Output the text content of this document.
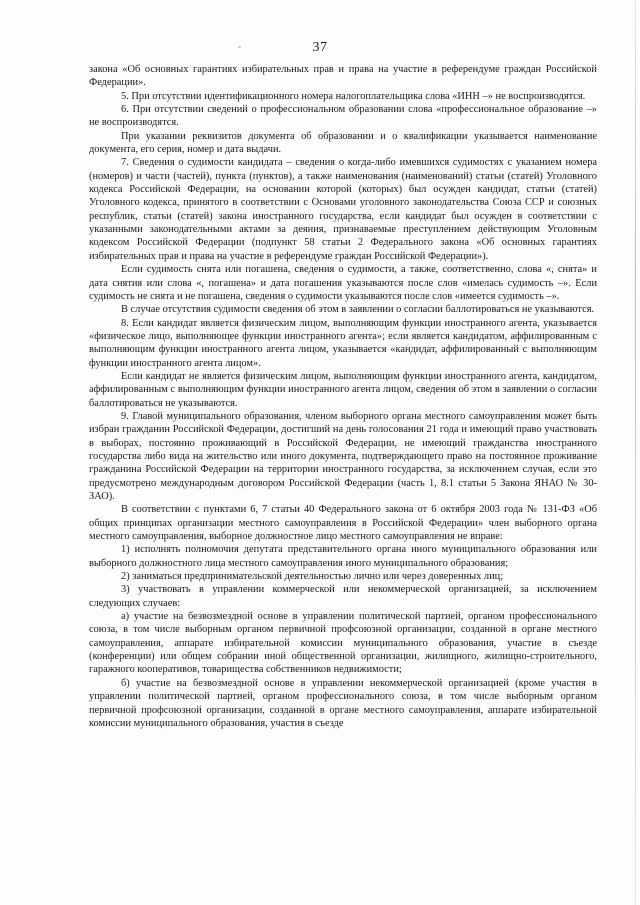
37

закона «Об основных гарантиях избирательных прав и права на участие в референдуме граждан Российской Федерации».

5. При отсутствии идентификационного номера налогоплательщика слова «ИНН –» не воспроизводятся.

6. При отсутствии сведений о профессиональном образовании слова «профессиональное образование –» не воспроизводятся.

При указании реквизитов документа об образовании и о квалификации указывается наименование документа, его серия, номер и дата выдачи.

7. Сведения о судимости кандидата – сведения о когда-либо имевшихся судимостях с указанием номера (номеров) и части (частей), пункта (пунктов), а также наименования (наименований) статьи (статей) Уголовного кодекса Российской Федерации, на основании которой (которых) был осужден кандидат, статьи (статей) Уголовного кодекса, принятого в соответствии с Основами уголовного законодательства Союза ССР и союзных республик, статьи (статей) закона иностранного государства, если кандидат был осужден в соответствии с указанными законодательными актами за деяния, признаваемые преступлением действующим Уголовным кодексом Российской Федерации (подпункт 58 статьи 2 Федерального закона «Об основных гарантиях избирательных прав и права на участие в референдуме граждан Российской Федерации»).

Если судимость снята или погашена, сведения о судимости, а также, соответственно, слова «, снята» и дата снятия или слова «, погашена» и дата погашения указываются после слов «имелась судимость –». Если судимость не снята и не погашена, сведения о судимости указываются после слов «имеется судимость –».

В случае отсутствия судимости сведения об этом в заявлении о согласии баллотироваться не указываются.

8. Если кандидат является физическим лицом, выполняющим функции иностранного агента, указывается «физическое лицо, выполняющее функции иностранного агента»; если является кандидатом, аффилированным с выполняющим функции иностранного агента лицом, указывается «кандидат, аффилированный с выполняющим функции иностранного агента лицом».

Если кандидат не является физическим лицом, выполняющим функции иностранного агента, кандидатом, аффилированным с выполняющим функции иностранного агента лицом, сведения об этом в заявлении о согласии баллотироваться не указываются.

9. Главой муниципального образования, членом выборного органа местного самоуправления может быть избран гражданин Российской Федерации, достигший на день голосования 21 года и имеющий право участвовать в выборах, постоянно проживающий в Российской Федерации, не имеющий гражданства иностранного государства либо вида на жительство или иного документа, подтверждающего право на постоянное проживание гражданина Российской Федерации на территории иностранного государства, за исключением случая, если это предусмотрено международным договором Российской Федерации (часть 1, 8.1 статьи 5 Закона ЯНАО № 30-ЗАО).

В соответствии с пунктами 6, 7 статьи 40 Федерального закона от 6 октября 2003 года № 131-ФЗ «Об общих принципах организации местного самоуправления в Российской Федерации» член выборного органа местного самоуправления, выборное должностное лицо местного самоуправления не вправе:

1) исполнять полномочия депутата представительного органа иного муниципального образования или выборного должностного лица местного самоуправления иного муниципального образования;

2) заниматься предпринимательской деятельностью лично или через доверенных лиц;

3) участвовать в управлении коммерческой или некоммерческой организацией, за исключением следующих случаев:

а) участие на безвозмездной основе в управлении политической партией, органом профессионального союза, в том числе выборным органом первичной профсоюзной организации, созданной в органе местного самоуправления, аппарате избирательной комиссии муниципального образования, участие в съезде (конференции) или общем собрании иной общественной организации, жилищного, жилищно-строительного, гаражного кооперативов, товарищества собственников недвижимости;

б) участие на безвозмездной основе в управлении некоммерческой организацией (кроме участия в управлении политической партией, органом профессионального союза, в том числе выборным органом первичной профсоюзной организации, созданной в органе местного самоуправления, аппарате избирательной комиссии муниципального образования, участия в съезде
